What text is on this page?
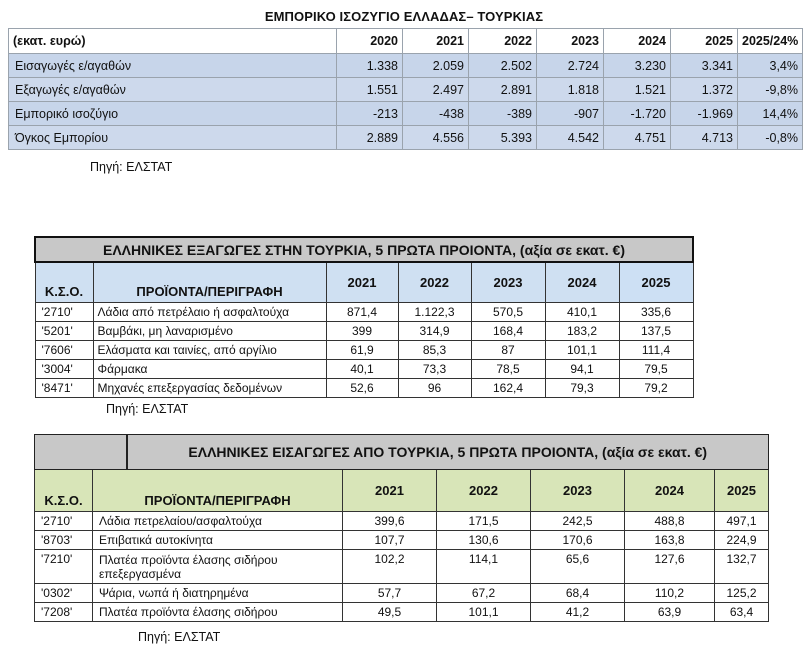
ΕΜΠΟΡΙΚΟ ΙΣΟΖΥΓΙΟ ΕΛΛΑΔΑΣ– ΤΟΥΡΚΙΑΣ
(εκατ. ευρώ)	2020	2021	2022	2023	2024	2025	2025/24%
Εισαγωγές ε/αγαθών	1.338	2.059	2.502	2.724	3.230	3.341	3,4%
Εξαγωγές ε/αγαθών	1.551	2.497	2.891	1.818	1.521	1.372	-9,8%
Εμπορικό ισοζύγιο	-213	-438	-389	-907	-1.720	-1.969	14,4%
Όγκος Εμπορίου	2.889	4.556	5.393	4.542	4.751	4.713	-0,8%
Πηγή: ΕΛΣΤΑΤ
ΕΛΛΗΝΙΚΕΣ ΕΞΑΓΩΓΕΣ ΣΤΗΝ ΤΟΥΡΚΙΑ, 5 ΠΡΩΤΑ ΠΡΟΙΟΝΤΑ, (αξία σε εκατ. €)						
Κ.Σ.Ο.	ΠΡΟΪΟΝΤΑ/ΠΕΡΙΓΡΑΦΗ	2021	2022	2023	2024	2025
'2710'	Λάδια από πετρέλαιο ή ασφαλτούχα	871,4	1.122,3	570,5	410,1	335,6
'5201'	Βαμβάκι, μη λαναρισμένο	399	314,9	168,4	183,2	137,5
'7606'	Ελάσματα και ταινίες, από αργίλιο	61,9	85,3	87	101,1	111,4
'3004'	Φάρμακα	40,1	73,3	78,5	94,1	79,5
'8471'	Μηχανές επεξεργασίας δεδομένων	52,6	96	162,4	79,3	79,2
Πηγή: ΕΛΣΤΑΤ
		ΕΛΛΗΝΙΚΕΣ ΕΙΣΑΓΩΓΕΣ ΑΠΟ ΤΟΥΡΚΙΑ, 5 ΠΡΩΤΑ ΠΡΟΙΟΝΤΑ, (αξία σε εκατ. €)					
Κ.Σ.Ο.	ΠΡΟΪΟΝΤΑ/ΠΕΡΙΓΡΑΦΗ		2021	2022	2023	2024	2025
'2710'	Λάδια πετρελαίου/ασφαλτούχα		399,6	171,5	242,5	488,8	497,1
'8703'	Επιβατικά αυτοκίνητα		107,7	130,6	170,6	163,8	224,9
'7210'	Πλατέα προϊόντα έλασης σιδήρου
επεξεργασμένα		102,2	114,1	65,6	127,6	132,7
'0302'	Ψάρια, νωπά ή διατηρημένα		57,7	67,2	68,4	110,2	125,2
'7208'	Πλατέα προϊόντα έλασης σιδήρου		49,5	101,1	41,2	63,9	63,4
Πηγή: ΕΛΣΤΑΤ
